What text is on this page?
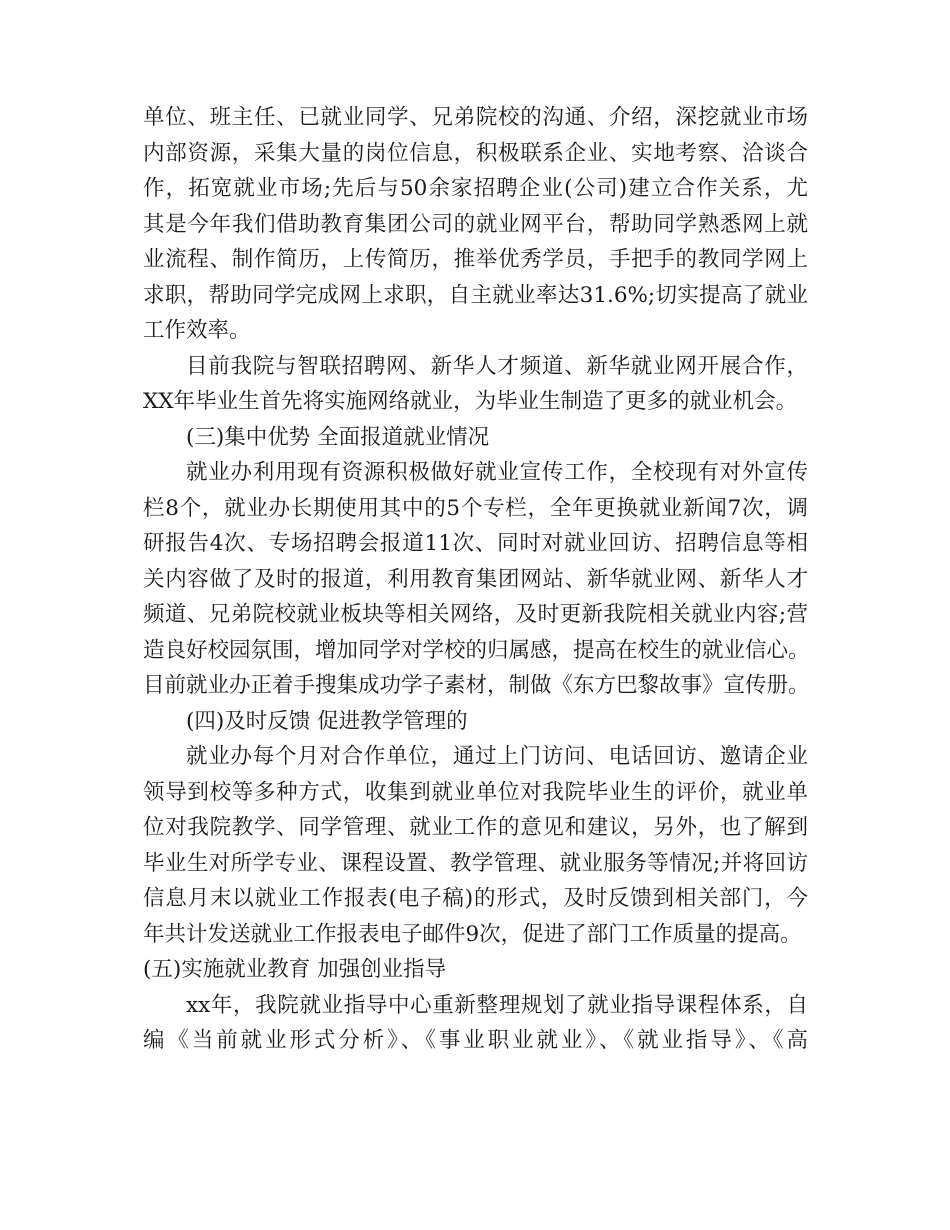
单位、班主任、已就业同学、兄弟院校的沟通、介绍，深挖就业市场
内部资源，采集大量的岗位信息，积极联系企业、实地考察、洽谈合
作，拓宽就业市场;先后与50余家招聘企业(公司)建立合作关系，尤
其是今年我们借助教育集团公司的就业网平台，帮助同学熟悉网上就
业流程、制作简历，上传简历，推举优秀学员，手把手的教同学网上
求职，帮助同学完成网上求职，自主就业率达31.6%;切实提高了就业
工作效率。
目前我院与智联招聘网、新华人才频道、新华就业网开展合作，
XX年毕业生首先将实施网络就业，为毕业生制造了更多的就业机会。
(三)集中优势 全面报道就业情况
就业办利用现有资源积极做好就业宣传工作，全校现有对外宣传
栏8个，就业办长期使用其中的5个专栏，全年更换就业新闻7次，调
研报告4次、专场招聘会报道11次、同时对就业回访、招聘信息等相
关内容做了及时的报道，利用教育集团网站、新华就业网、新华人才
频道、兄弟院校就业板块等相关网络，及时更新我院相关就业内容;营
造良好校园氛围，增加同学对学校的归属感，提高在校生的就业信心。
目前就业办正着手搜集成功学子素材，制做《东方巴黎故事》宣传册。
(四)及时反馈 促进教学管理的
就业办每个月对合作单位，通过上门访问、电话回访、邀请企业
领导到校等多种方式，收集到就业单位对我院毕业生的评价，就业单
位对我院教学、同学管理、就业工作的意见和建议，另外，也了解到
毕业生对所学专业、课程设置、教学管理、就业服务等情况;并将回访
信息月末以就业工作报表(电子稿)的形式，及时反馈到相关部门，今
年共计发送就业工作报表电子邮件9次，促进了部门工作质量的提高。
(五)实施就业教育 加强创业指导
xx年，我院就业指导中心重新整理规划了就业指导课程体系，自
编《当前就业形式分析》、《事业职业就业》、《就业指导》、《高
